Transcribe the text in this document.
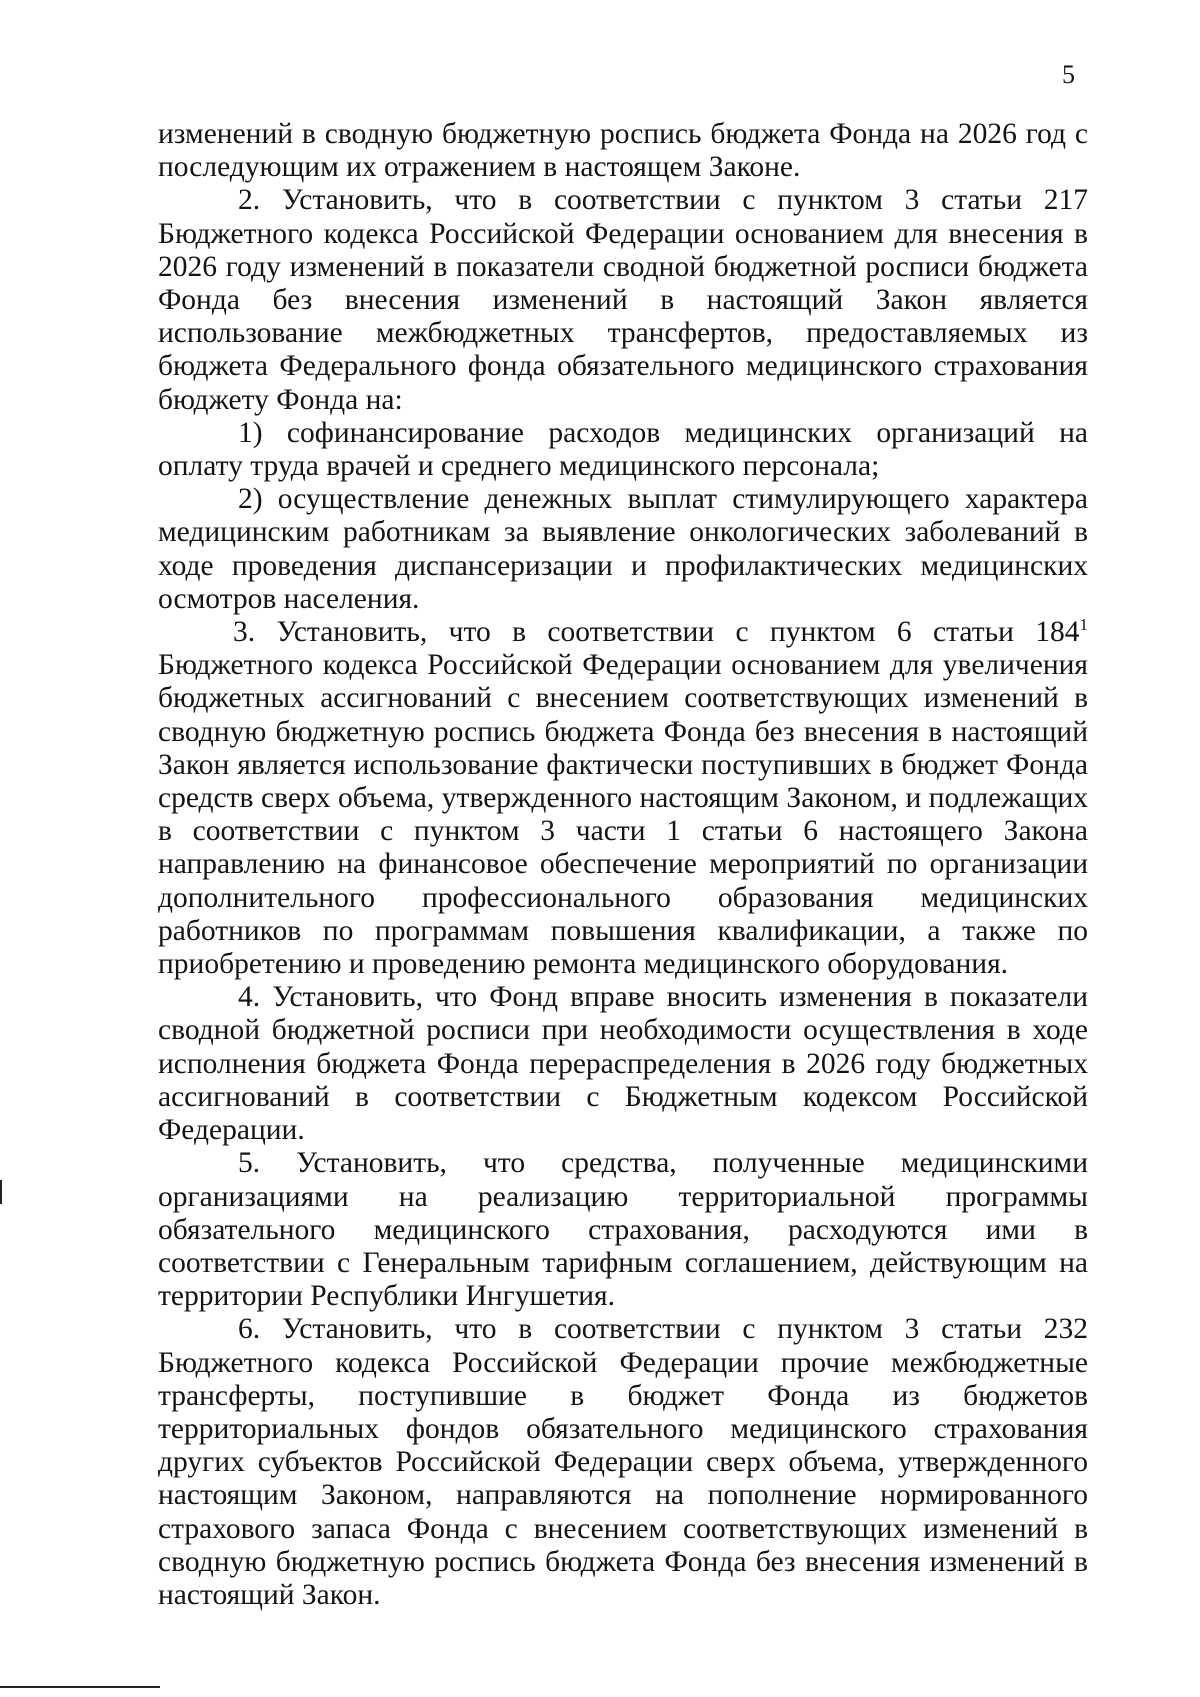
5

изменений в сводную бюджетную роспись бюджета Фонда на 2026 год с последующим их отражением в настоящем Законе.

2. Установить, что в соответствии с пунктом 3 статьи 217 Бюджетного кодекса Российской Федерации основанием для внесения в 2026 году изменений в показатели сводной бюджетной росписи бюджета Фонда без внесения изменений в настоящий Закон является использование межбюджетных трансфертов, предоставляемых из бюджета Федерального фонда обязательного медицинского страхования бюджету Фонда на:

1) софинансирование расходов медицинских организаций на оплату труда врачей и среднего медицинского персонала;

2) осуществление денежных выплат стимулирующего характера медицинским работникам за выявление онкологических заболеваний в ходе проведения диспансеризации и профилактических медицинских осмотров населения.

3. Установить, что в соответствии с пунктом 6 статьи $184^1$ Бюджетного кодекса Российской Федерации основанием для увеличения бюджетных ассигнований с внесением соответствующих изменений в сводную бюджетную роспись бюджета Фонда без внесения в настоящий Закон является использование фактически поступивших в бюджет Фонда средств сверх объема, утвержденного настоящим Законом, и подлежащих в соответствии с пунктом 3 части 1 статьи 6 настоящего Закона направлению на финансовое обеспечение мероприятий по организации дополнительного профессионального образования медицинских работников по программам повышения квалификации, а также по приобретению и проведению ремонта медицинского оборудования.

4. Установить, что Фонд вправе вносить изменения в показатели сводной бюджетной росписи при необходимости осуществления в ходе исполнения бюджета Фонда перераспределения в 2026 году бюджетных ассигнований в соответствии с Бюджетным кодексом Российской Федерации.

5. Установить, что средства, полученные медицинскими организациями на реализацию территориальной программы обязательного медицинского страхования, расходуются ими в соответствии с Генеральным тарифным соглашением, действующим на территории Республики Ингушетия.

6. Установить, что в соответствии с пунктом 3 статьи 232 Бюджетного кодекса Российской Федерации прочие межбюджетные трансферты, поступившие в бюджет Фонда из бюджетов территориальных фондов обязательного медицинского страхования других субъектов Российской Федерации сверх объема, утвержденного настоящим Законом, направляются на пополнение нормированного страхового запаса Фонда с внесением соответствующих изменений в сводную бюджетную роспись бюджета Фонда без внесения изменений в настоящий Закон.
